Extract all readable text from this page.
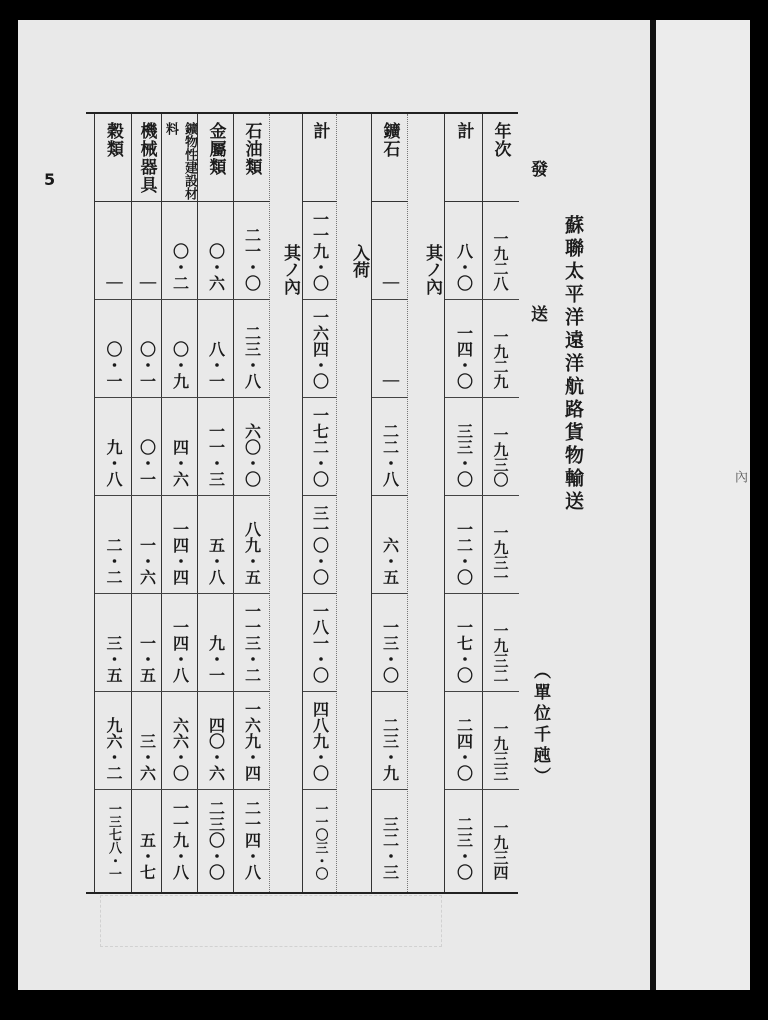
5
蘇聯太平洋遠洋航路貨物輸送
（單位千瓲）
發
送
內
年次
一九二八
一九二九
一九三〇
一九三一
一九三二
一九三三
一九三四
計
八・〇
一四・〇
三三・〇
一二・〇
一七・〇
二四・〇
二三・〇
其ノ內
鑛石
｜
｜
二二・八
六・五
一三・〇
二三・九
三二・三
入荷
計
一一九・〇
一六四・〇
一七二・〇
三一〇・〇
一八一・〇
四八九・〇
一一〇三・〇
其ノ內
石油類
二一・〇
二三・八
六〇・〇
八九・五
一一三・二
一六九・四
二一四・八
金屬類
〇・六
八・一
一一・三
五・八
九・一
四〇・六
二三〇・〇
鑛物性建設材料
〇・二
〇・九
四・六
一四・四
一四・八
六六・〇
一一九・八
機械器具
｜
〇・一
〇・一
一・六
一・五
三・六
五・七
穀類
｜
〇・一
九・八
二・二
三・五
九六・二
一三七八・一
